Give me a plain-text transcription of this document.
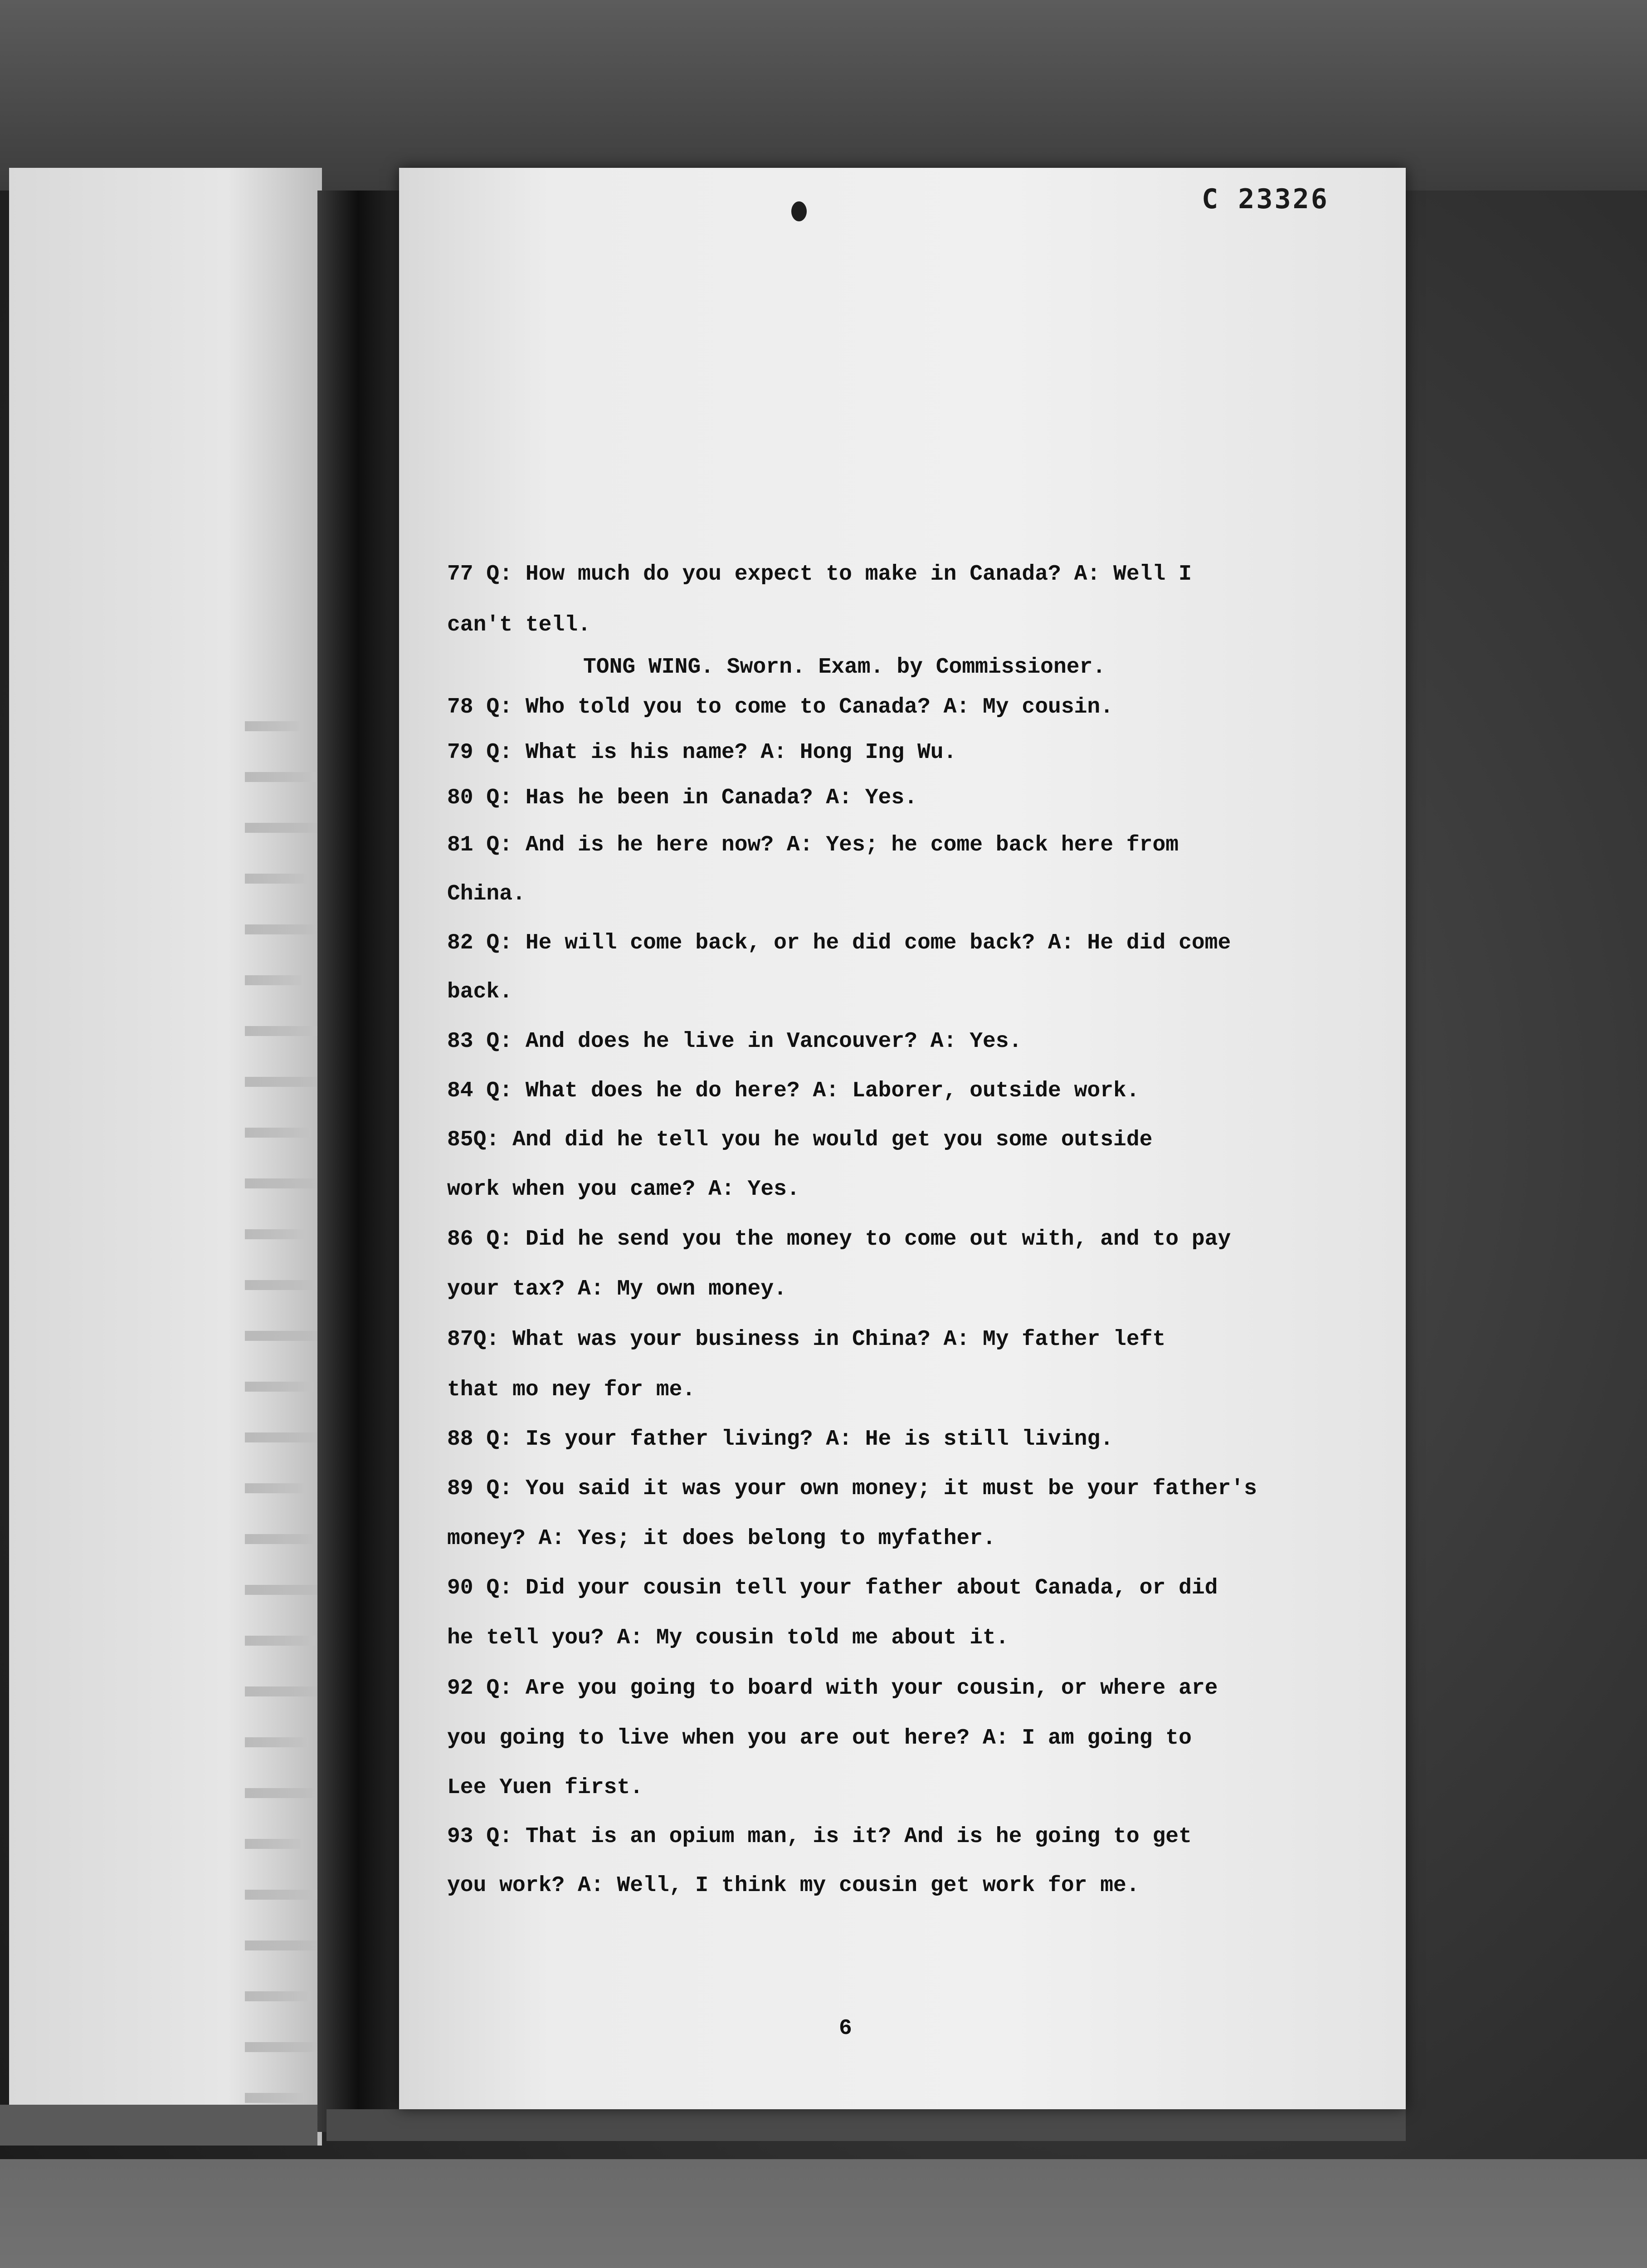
C 23326
77 Q: How much do you expect to make in Canada? A: Well I
can't tell.
TONG WING. Sworn. Exam. by Commissioner.
78 Q: Who told you to come to Canada? A: My cousin.
79 Q: What is his name? A: Hong Ing Wu.
80 Q: Has he been in Canada? A: Yes.
81 Q: And is he here now? A: Yes; he come back here from
China.
82 Q: He will come back, or he did come back? A: He did come
back.
83 Q: And does he live in Vancouver? A: Yes.
84 Q: What does he do here? A: Laborer, outside work.
85Q: And did he tell you he would get you some outside
work when you came? A: Yes.
86 Q: Did he send you the money to come out with, and to pay
your tax? A: My own money.
87Q: What was your business in China? A: My father left
that mo ney for me.
88 Q: Is your father living? A: He is still living.
89 Q: You said it was your own money; it must be your father's
money? A: Yes; it does belong to myfather.
90 Q: Did your cousin tell your father about Canada, or did
he tell you? A: My cousin told me about it.
92 Q: Are you going to board with your cousin, or where are
you going to live when you are out here? A: I am going to
Lee Yuen first.
93 Q: That is an opium man, is it? And is he going to get
you work? A: Well, I think my cousin get work for me.
6
